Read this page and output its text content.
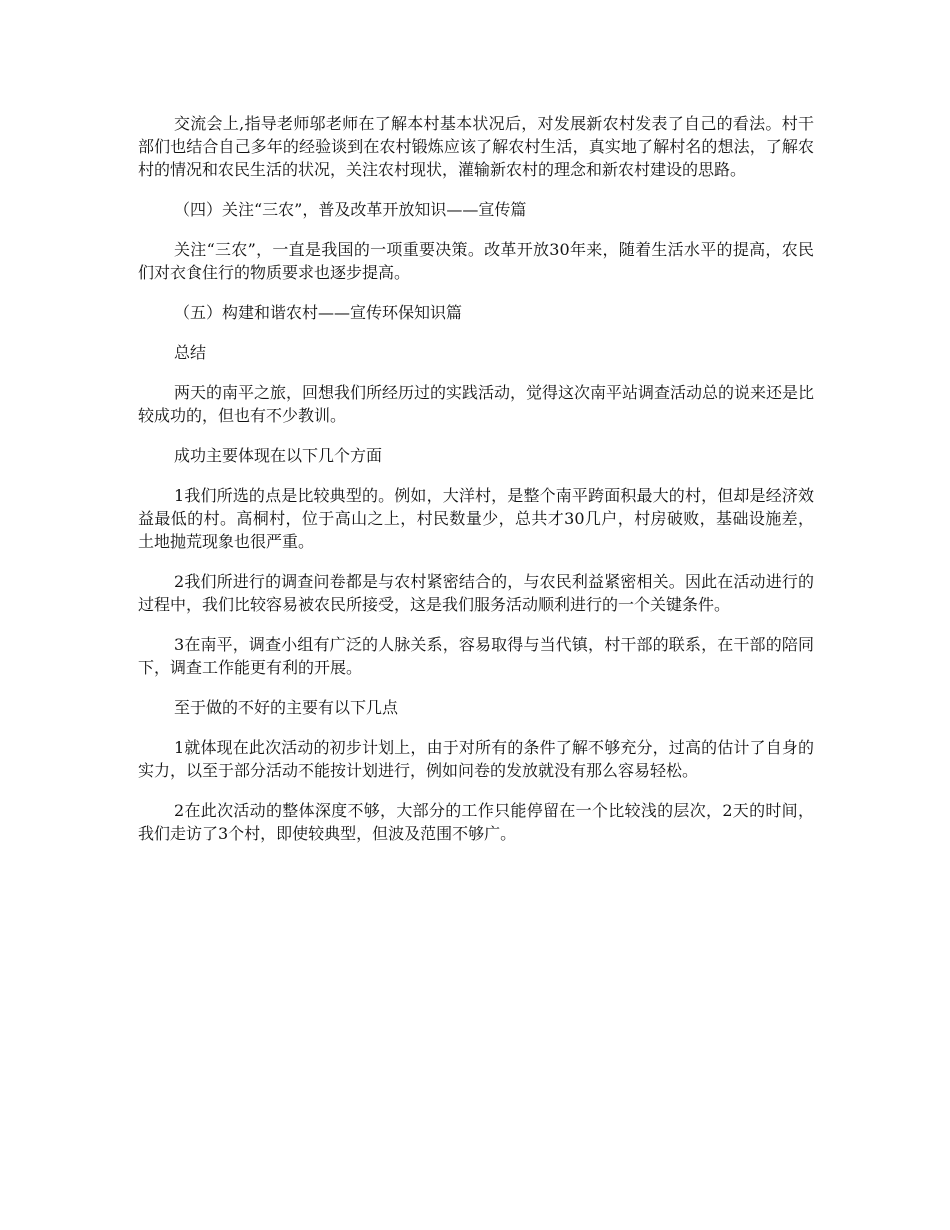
交流会上,指导老师邬老师在了解本村基本状况后，对发展新农村发表了自己的看法。村干部们也结合自己多年的经验谈到在农村锻炼应该了解农村生活，真实地了解村名的想法，了解农村的情况和农民生活的状况，关注农村现状，灌输新农村的理念和新农村建设的思路。

（四）关注“三农”，普及改革开放知识——宣传篇

关注“三农”，一直是我国的一项重要决策。改革开放30年来，随着生活水平的提高，农民们对衣食住行的物质要求也逐步提高。

（五）构建和谐农村——宣传环保知识篇

总结

两天的南平之旅，回想我们所经历过的实践活动，觉得这次南平站调查活动总的说来还是比较成功的，但也有不少教训。

成功主要体现在以下几个方面

1我们所选的点是比较典型的。例如，大洋村，是整个南平跨面积最大的村，但却是经济效益最低的村。高桐村，位于高山之上，村民数量少，总共才30几户，村房破败，基础设施差，土地抛荒现象也很严重。

2我们所进行的调查问卷都是与农村紧密结合的，与农民利益紧密相关。因此在活动进行的过程中，我们比较容易被农民所接受，这是我们服务活动顺利进行的一个关键条件。

3在南平，调查小组有广泛的人脉关系，容易取得与当代镇，村干部的联系，在干部的陪同下，调查工作能更有利的开展。

至于做的不好的主要有以下几点

1就体现在此次活动的初步计划上，由于对所有的条件了解不够充分，过高的估计了自身的实力，以至于部分活动不能按计划进行，例如问卷的发放就没有那么容易轻松。

2在此次活动的整体深度不够，大部分的工作只能停留在一个比较浅的层次，2天的时间，我们走访了3个村，即使较典型，但波及范围不够广。
